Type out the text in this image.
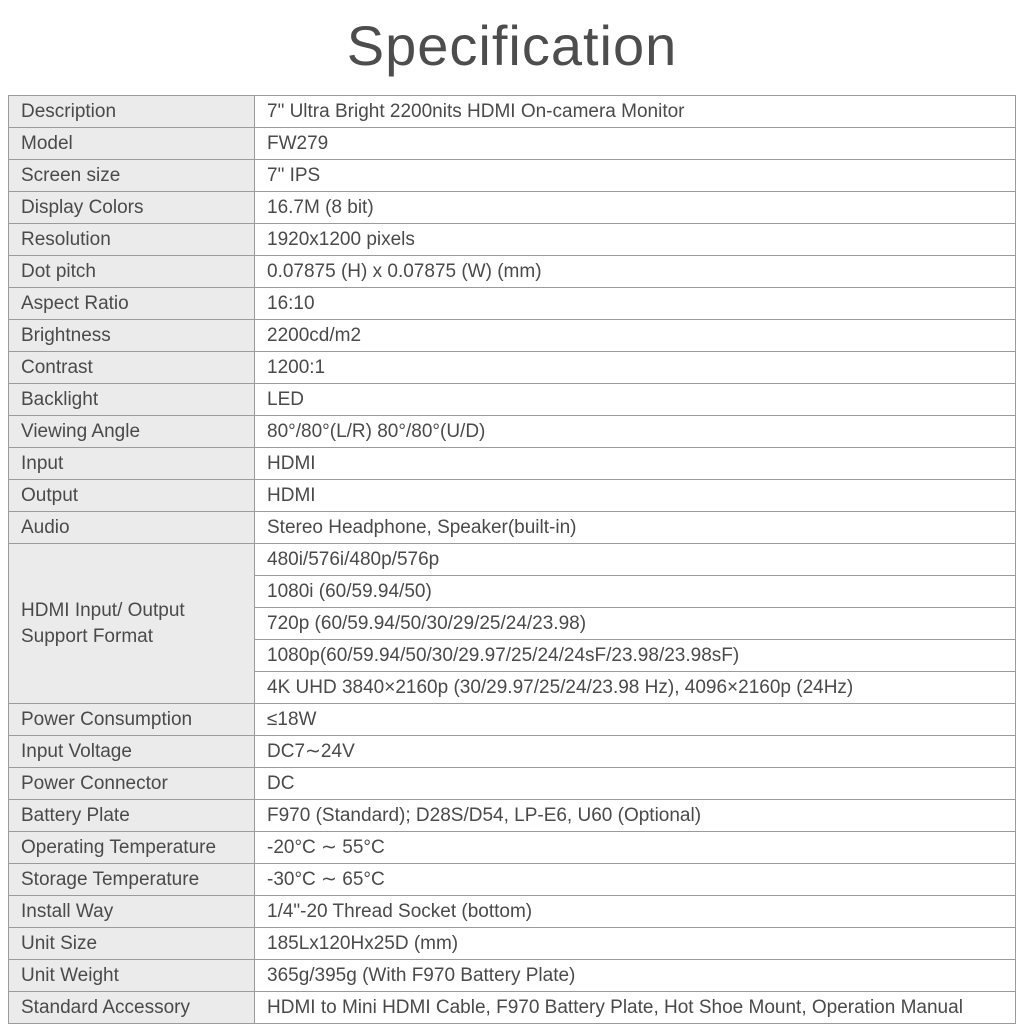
Specification
Description	7" Ultra Bright 2200nits HDMI On-camera Monitor
Model	FW279
Screen size	7" IPS
Display Colors	16.7M (8 bit)
Resolution	1920x1200 pixels
Dot pitch	0.07875 (H) x 0.07875 (W) (mm)
Aspect Ratio	16:10
Brightness	2200cd/m2
Contrast	1200:1
Backlight	LED
Viewing Angle	80°/80°(L/R) 80°/80°(U/D)
Input	HDMI
Output	HDMI
Audio	Stereo Headphone, Speaker(built-in)
HDMI Input/ Output Support Format	480i/576i/480p/576p
	1080i (60/59.94/50)
	720p (60/59.94/50/30/29/25/24/23.98)
	1080p(60/59.94/50/30/29.97/25/24/24sF/23.98/23.98sF)
	4K UHD 3840×2160p (30/29.97/25/24/23.98 Hz), 4096×2160p (24Hz)
Power Consumption	≤18W
Input Voltage	DC7∼24V
Power Connector	DC
Battery Plate	F970 (Standard); D28S/D54, LP-E6, U60 (Optional)
Operating Temperature	-20°C ∼ 55°C
Storage Temperature	-30°C ∼ 65°C
Install Way	1/4"-20 Thread Socket (bottom)
Unit Size	185Lx120Hx25D (mm)
Unit Weight	365g/395g (With F970 Battery Plate)
Standard Accessory	HDMI to Mini HDMI Cable, F970 Battery Plate, Hot Shoe Mount, Operation Manual
